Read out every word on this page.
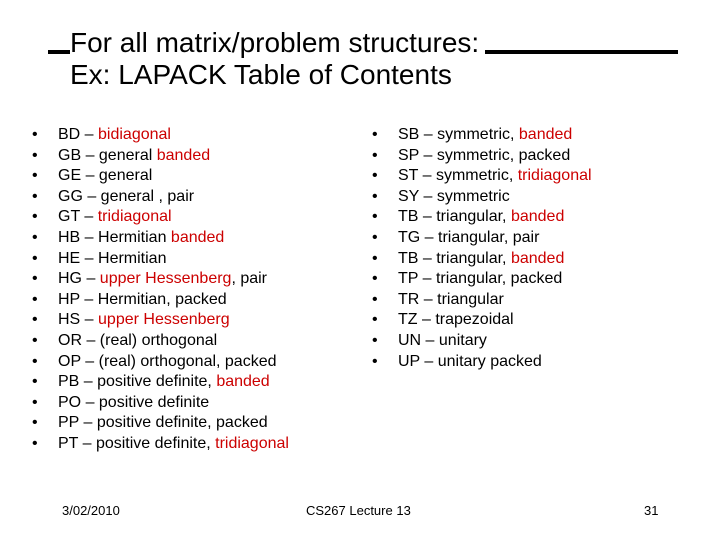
For all matrix/problem structures:
Ex: LAPACK Table of Contents
• BD – bidiagonal
• GB – general banded
• GE – general
• GG – general , pair
• GT – tridiagonal
• HB – Hermitian banded
• HE – Hermitian
• HG – upper Hessenberg, pair
• HP – Hermitian, packed
• HS – upper Hessenberg
• OR – (real) orthogonal
• OP – (real) orthogonal, packed
• PB – positive definite, banded
• PO – positive definite
• PP – positive definite, packed
• PT – positive definite, tridiagonal
• SB – symmetric, banded
• SP – symmetric, packed
• ST – symmetric, tridiagonal
• SY – symmetric
• TB – triangular, banded
• TG – triangular, pair
• TB – triangular, banded
• TP – triangular, packed
• TR – triangular
• TZ – trapezoidal
• UN – unitary
• UP – unitary packed
3/02/2010	CS267 Lecture 13	31
